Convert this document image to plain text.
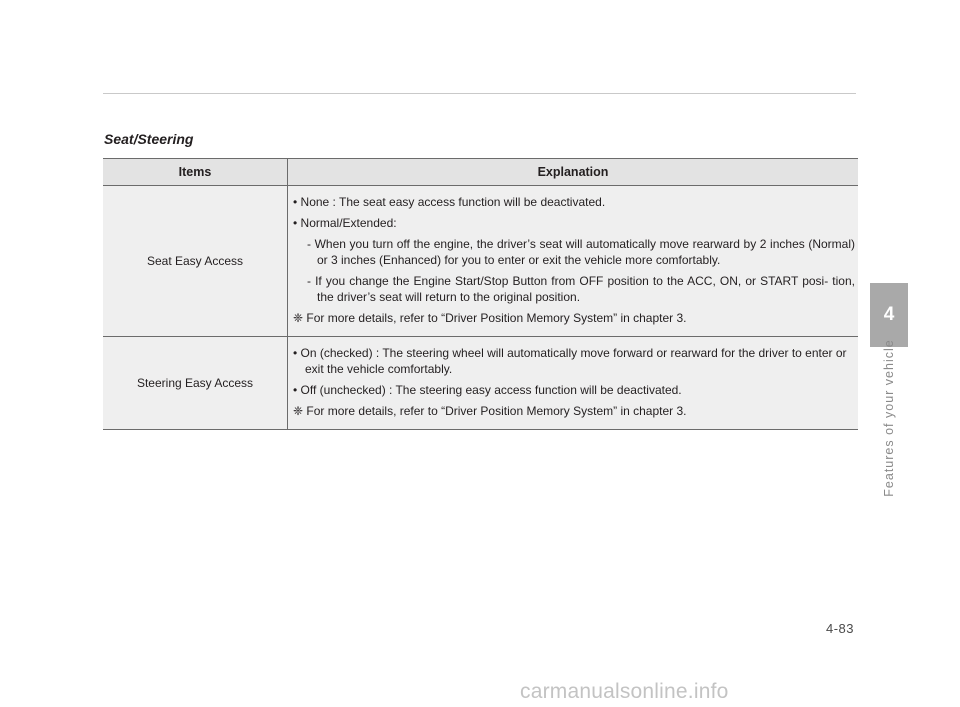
Seat/Steering
Items	Explanation
Seat Easy Access	• None : The seat easy access function will be deactivated.

• Normal/Extended:

- When you turn off the engine, the driver’s seat will automatically move rearward by 2 inches (Normal) or 3 inches (Enhanced) for you to enter or exit the vehicle more comfortably.

- If you change the Engine Start/Stop Button from OFF position to the ACC, ON, or START posi- tion, the driver’s seat will return to the original position.

❈ For more details, refer to “Driver Position Memory System” in chapter 3.

Steering Easy Access	• On (checked) : The steering wheel will automatically move forward or rearward for the driver to enter or exit the vehicle comfortably.

• Off (unchecked) : The steering easy access function will be deactivated.

❈ For more details, refer to “Driver Position Memory System” in chapter 3.

4
Features of your vehicle
4-83
carmanualsonline.info
